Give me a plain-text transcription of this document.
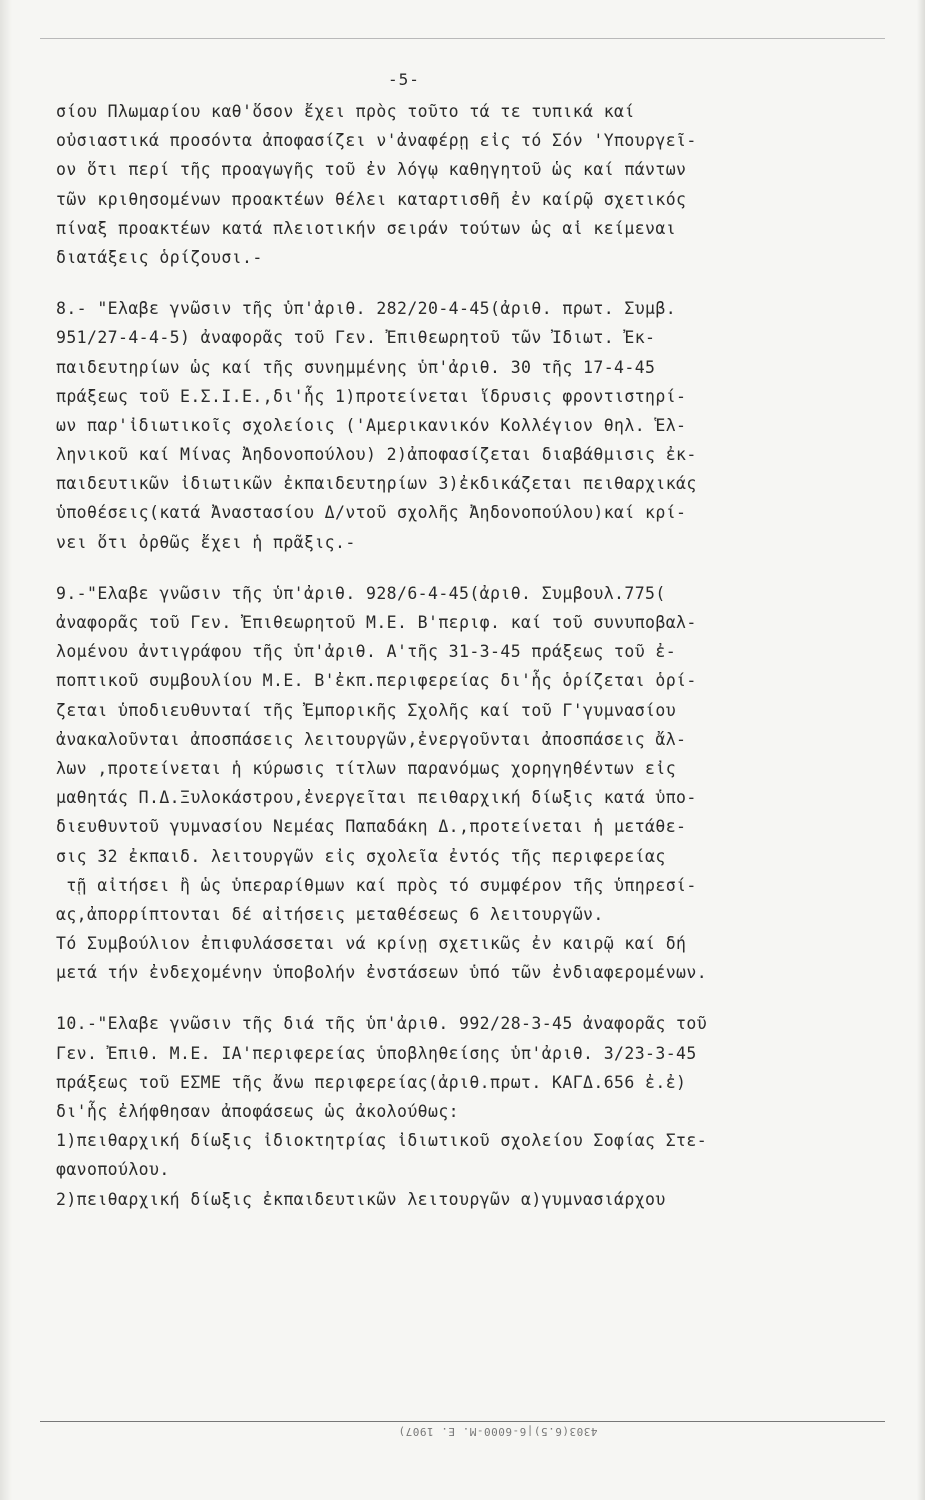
-5-
σίου Πλωμαρίου καθ'ὅσον ἔχει πρὸς τοῦτο τά τε τυπικά καί
οὐσιαστικά προσόντα ἀποφασίζει ν'ἀναφέρῃ εἰς τό Σόν 'Υπουργεῖ-
ον ὅτι περί τῆς προαγωγῆς τοῦ ἐν λόγῳ καθηγητοῦ ὡς καί πάντων
τῶν κριθησομένων προακτέων θέλει καταρτισθῆ ἐν καίρῷ σχετικός
πίναξ προακτέων κατά πλειοτικήν σειράν τούτων ὡς αἱ κείμεναι
διατάξεις ὁρίζουσι.-
8.- "Ελαβε γνῶσιν τῆς ὑπ'ἀριθ. 282/20-4-45(ἀριθ. πρωτ. Συμβ.
951/27-4-4-5) ἀναφορᾶς τοῦ Γεν. Ἐπιθεωρητοῦ τῶν Ἰδιωτ. Ἐκ-
παιδευτηρίων ὡς καί τῆς συνημμένης ὑπ'ἀριθ. 30 τῆς 17-4-45
πράξεως τοῦ Ε.Σ.Ι.Ε.,δι'ἧς 1)προτείνεται ἵδρυσις φροντιστηρί-
ων παρ'ἰδιωτικοῖς σχολείοις ('Αμερικανικόν Κολλέγιον θηλ. Ἑλ-
ληνικοῦ καί Μίνας Ἀηδονοπούλου) 2)ἀποφασίζεται διαβάθμισις ἐκ-
παιδευτικῶν ἰδιωτικῶν ἐκπαιδευτηρίων 3)ἐκδικάζεται πειθαρχικάς
ὑποθέσεις(κατά Ἀναστασίου Δ/ντοῦ σχολῆς Ἀηδονοπούλου)καί κρί-
νει ὅτι ὀρθῶς ἔχει ἡ πρᾶξις.-
9.-"Ελαβε γνῶσιν τῆς ὑπ'ἀριθ. 928/6-4-45(ἀριθ. Συμβουλ.775(
ἀναφορᾶς τοῦ Γεν. Ἐπιθεωρητοῦ Μ.Ε. Β'περιφ. καί τοῦ συνυποβαλ-
λομένου ἀντιγράφου τῆς ὑπ'ἀριθ. Α'τῆς 31-3-45 πράξεως τοῦ ἐ-
ποπτικοῦ συμβουλίου Μ.Ε. Β'ἐκπ.περιφερείας δι'ἧς ὁρίζεται ὁρί-
ζεται ὑποδιευθυνταί τῆς Ἐμπορικῆς Σχολῆς καί τοῦ Γ'γυμνασίου
ἀνακαλοῦνται ἀποσπάσεις λειτουργῶν,ἐνεργοῦνται ἀποσπάσεις ἄλ-
λων ,προτείνεται ἡ κύρωσις τίτλων παρανόμως χορηγηθέντων εἰς
μαθητάς Π.Δ.Ξυλοκάστρου,ἐνεργεῖται πειθαρχική δίωξις κατά ὑπο-
διευθυντοῦ γυμνασίου Νεμέας Παπαδάκη Δ.,προτείνεται ἡ μετάθε-
σις 32 ἐκπαιδ. λειτουργῶν εἰς σχολεῖα ἐντός τῆς περιφερείας
τῇ αἰτήσει ἢ ὡς ὑπεραρίθμων καί πρὸς τό συμφέρον τῆς ὑπηρεσί-
ας,ἀπορρίπτονται δέ αἰτήσεις μεταθέσεως 6 λειτουργῶν.
Τό Συμβούλιον ἐπιφυλάσσεται νά κρίνῃ σχετικῶς ἐν καιρῷ καί δή
μετά τήν ἐνδεχομένην ὑποβολήν ἐνστάσεων ὑπό τῶν ἐνδιαφερομένων.
10.-"Ελαβε γνῶσιν τῆς διά τῆς ὑπ'ἀριθ. 992/28-3-45 ἀναφορᾶς τοῦ
Γεν. Ἐπιθ. Μ.Ε. ΙΑ'περιφερείας ὑποβληθείσης ὑπ'ἀριθ. 3/23-3-45
πράξεως τοῦ ΕΣΜΕ τῆς ἄνω περιφερείας(ἀριθ.πρωτ. ΚΑΓΔ.656 ἐ.ἐ)
δι'ἧς ἐλήφθησαν ἀποφάσεως ὡς ἀκολούθως:
1)πειθαρχική δίωξις ἰδιοκτητρίας ἰδιωτικοῦ σχολείου Σοφίας Στε-
φανοπούλου.
2)πειθαρχική δίωξις ἐκπαιδευτικῶν λειτουργῶν α)γυμνασιάρχου
4303(6.5)|6-6000-M. E. 1907)
